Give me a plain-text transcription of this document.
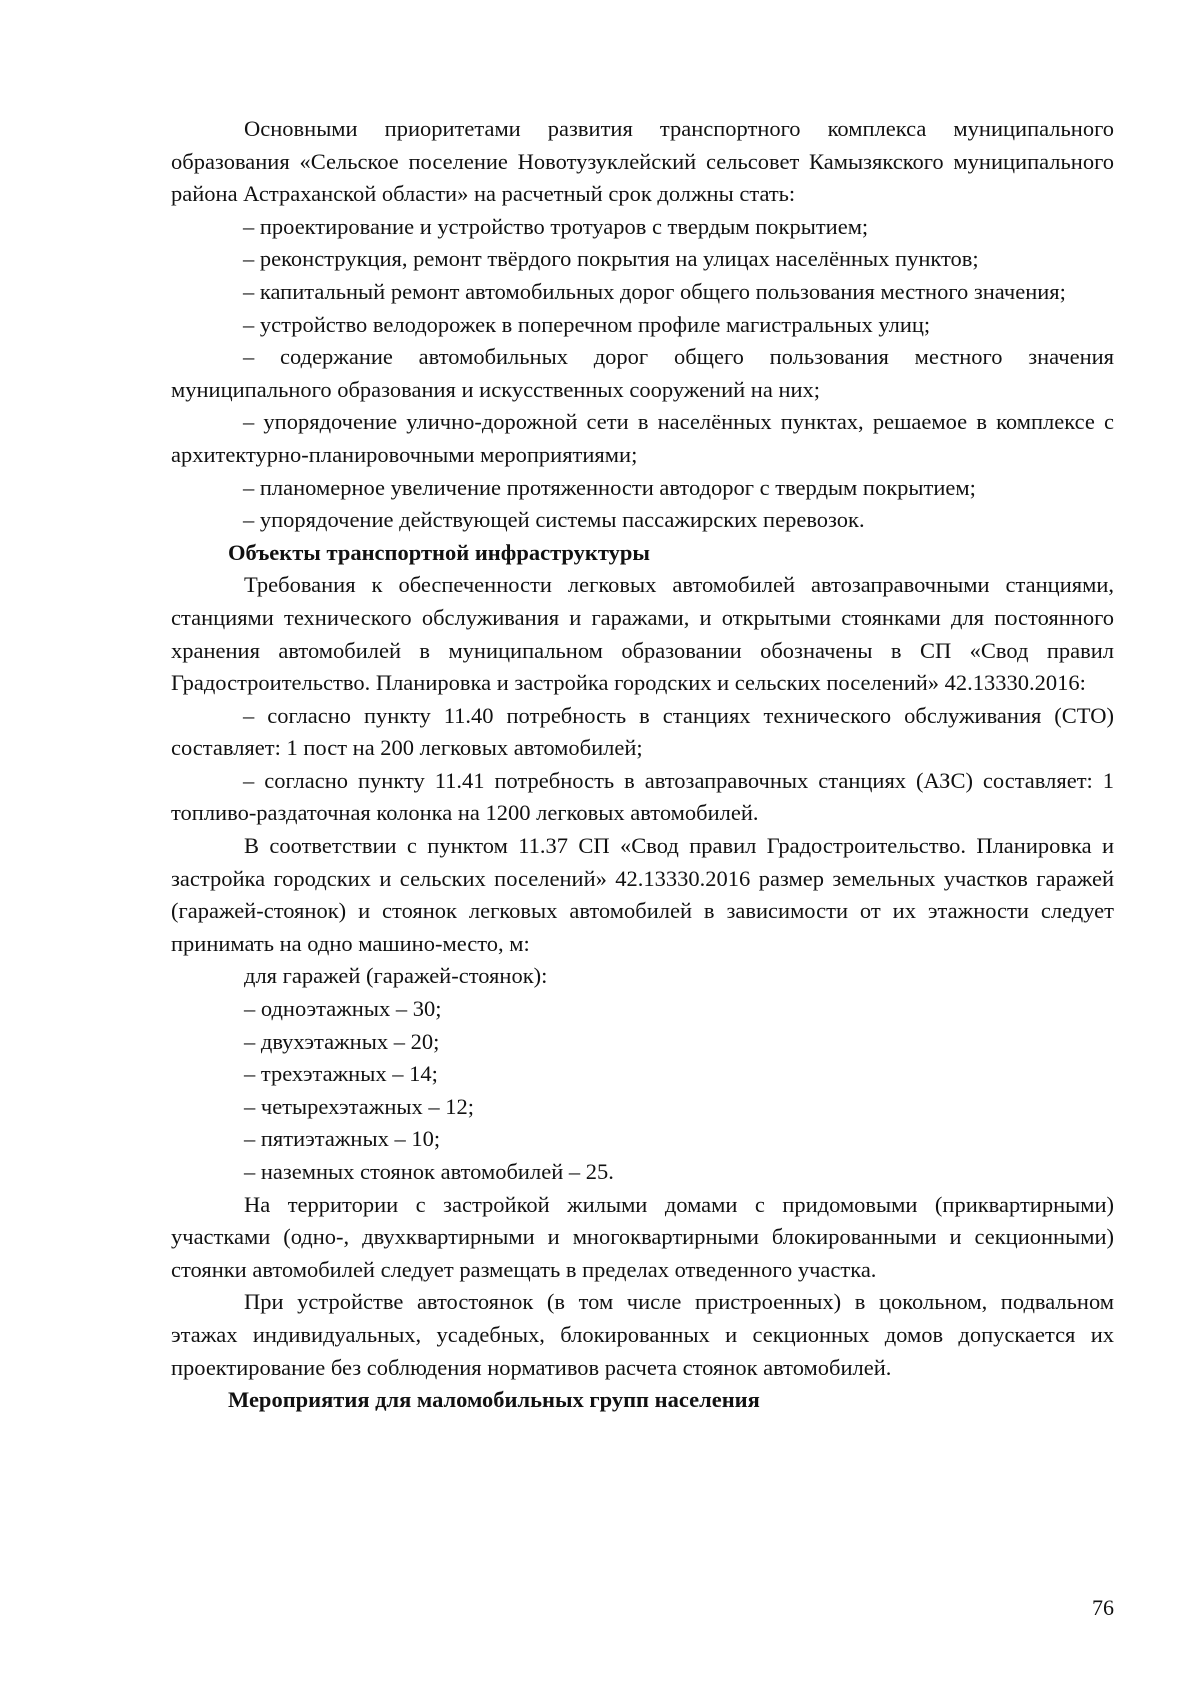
Основными приоритетами развития транспортного комплекса муниципального образования «Сельское поселение Новотузуклейский сельсовет Камызякского муниципального района Астраханской области» на расчетный срок должны стать:

– проектирование и устройство тротуаров с твердым покрытием;

– реконструкция, ремонт твёрдого покрытия на улицах населённых пунктов;

– капитальный ремонт автомобильных дорог общего пользования местного значения;

– устройство велодорожек в поперечном профиле магистральных улиц;

– содержание автомобильных дорог общего пользования местного значения муниципального образования и искусственных сооружений на них;

– упорядочение улично-дорожной сети в населённых пунктах, решаемое в комплексе с архитектурно-планировочными мероприятиями;

– планомерное увеличение протяженности автодорог с твердым покрытием;

– упорядочение действующей системы пассажирских перевозок.

Объекты транспортной инфраструктуры

Требования к обеспеченности легковых автомобилей автозаправочными станциями, станциями технического обслуживания и гаражами, и открытыми стоянками для постоянного хранения автомобилей в муниципальном образовании обозначены в СП «Свод правил Градостроительство. Планировка и застройка городских и сельских поселений» 42.13330.2016:

– согласно пункту 11.40 потребность в станциях технического обслуживания (СТО) составляет: 1 пост на 200 легковых автомобилей;

– согласно пункту 11.41 потребность в автозаправочных станциях (АЗС) составляет: 1 топливо-раздаточная колонка на 1200 легковых автомобилей.

В соответствии с пунктом 11.37 СП «Свод правил Градостроительство. Планировка и застройка городских и сельских поселений» 42.13330.2016 размер земельных участков гаражей (гаражей-стоянок) и стоянок легковых автомобилей в зависимости от их этажности следует принимать на одно машино-место, м:

для гаражей (гаражей-стоянок):

– одноэтажных – 30;

– двухэтажных – 20;

– трехэтажных – 14;

– четырехэтажных – 12;

– пятиэтажных – 10;

– наземных стоянок автомобилей – 25.

На территории с застройкой жилыми домами с придомовыми (приквартирными) участками (одно-, двухквартирными и многоквартирными блокированными и секционными) стоянки автомобилей следует размещать в пределах отведенного участка.

При устройстве автостоянок (в том числе пристроенных) в цокольном, подвальном этажах индивидуальных, усадебных, блокированных и секционных домов допускается их проектирование без соблюдения нормативов расчета стоянок автомобилей.

Мероприятия для маломобильных групп населения

76
